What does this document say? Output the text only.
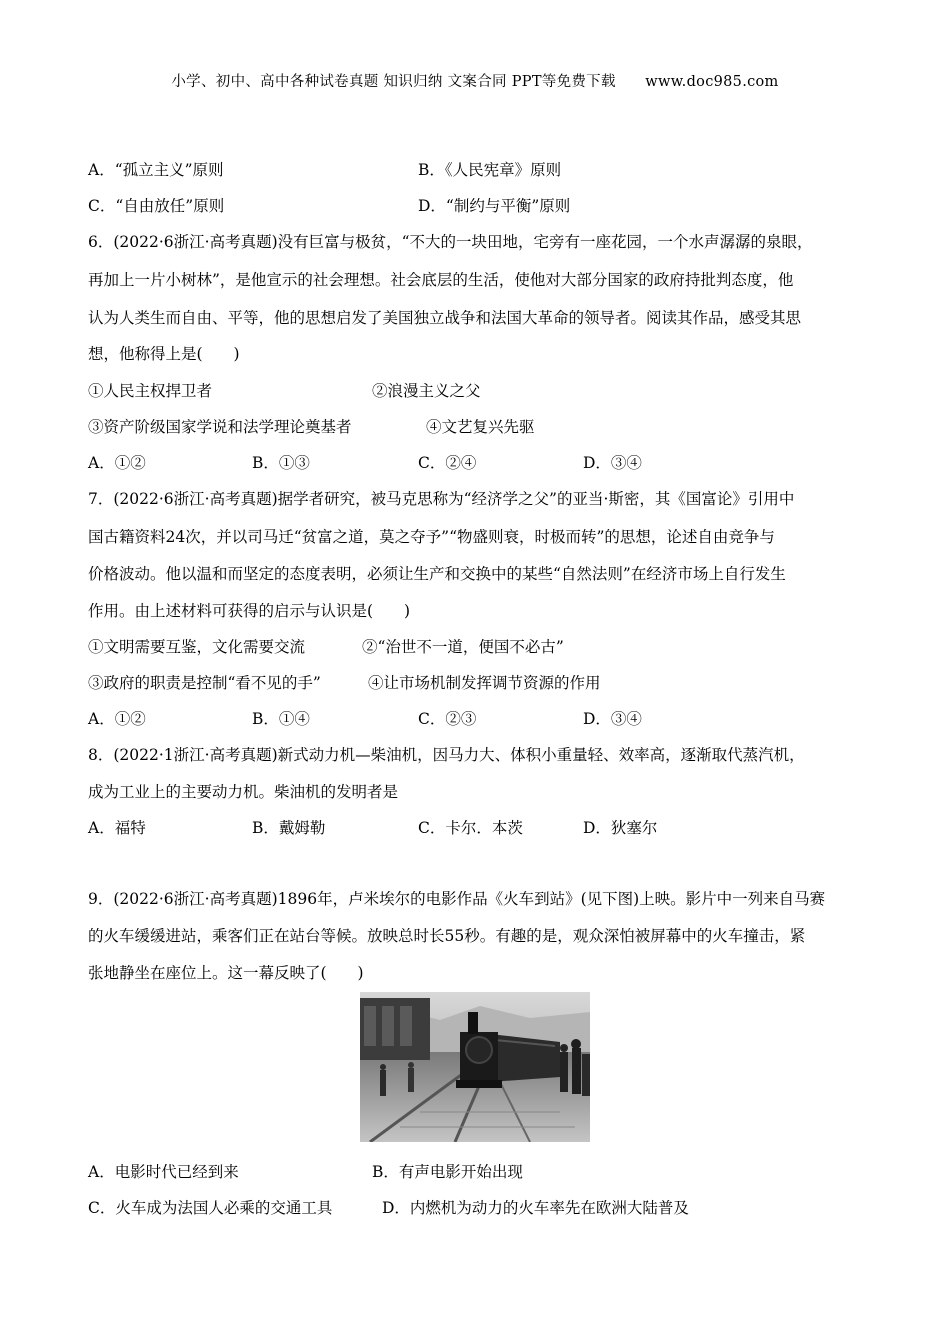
小学、初中、高中各种试卷真题 知识归纳 文案合同 PPT等免费下载 www.doc985.com
A．“孤立主义”原则	B．《人民宪章》原则
C．“自由放任”原则	D．“制约与平衡”原则
6．(2022·6浙江·高考真题)没有巨富与极贫，“不大的一块田地，宅旁有一座花园，一个水声潺潺的泉眼，
再加上一片小树林”，是他宣示的社会理想。社会底层的生活，使他对大部分国家的政府持批判态度，他
认为人类生而自由、平等，他的思想启发了美国独立战争和法国大革命的领导者。阅读其作品，感受其思
想，他称得上是(　　)
①人民主权捍卫者	②浪漫主义之父
③资产阶级国家学说和法学理论奠基者	④文艺复兴先驱
A．①②	B．①③	C．②④	D．③④
7．(2022·6浙江·高考真题)据学者研究，被马克思称为“经济学之父”的亚当·斯密，其《国富论》引用中
国古籍资料24次，并以司马迁“贫富之道，莫之夺予”“物盛则衰，时极而转”的思想，论述自由竞争与
价格波动。他以温和而坚定的态度表明，必须让生产和交换中的某些“自然法则”在经济市场上自行发生
作用。由上述材料可获得的启示与认识是(　　)
①文明需要互鉴，文化需要交流	②“治世不一道，便国不必古”
③政府的职责是控制“看不见的手”	④让市场机制发挥调节资源的作用
A．①②	B．①④	C．②③	D．③④
8．(2022·1浙江·高考真题)新式动力机—柴油机，因马力大、体积小重量轻、效率高，逐渐取代蒸汽机，
成为工业上的主要动力机。柴油机的发明者是
A．福特	B．戴姆勒	C．卡尔．本茨	D．狄塞尔
9．(2022·6浙江·高考真题)1896年，卢米埃尔的电影作品《火车到站》(见下图)上映。影片中一列来自马赛
的火车缓缓进站，乘客们正在站台等候。放映总时长55秒。有趣的是，观众深怕被屏幕中的火车撞击，紧
张地静坐在座位上。这一幕反映了(　　)
A．电影时代已经到来	B．有声电影开始出现
C．火车成为法国人必乘的交通工具	D．内燃机为动力的火车率先在欧洲大陆普及
